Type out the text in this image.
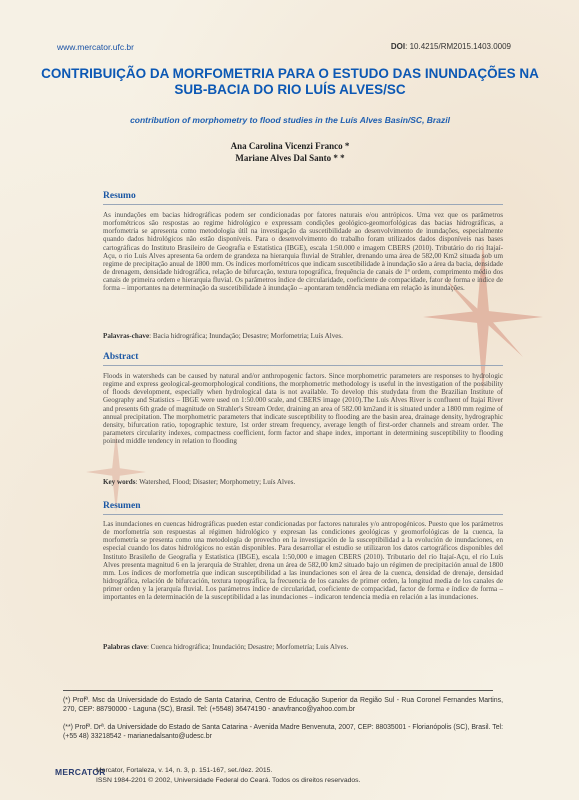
www.mercator.ufc.br	DOI: 10.4215/RM2015.1403.0009
CONTRIBUIÇÃO DA MORFOMETRIA PARA O ESTUDO DAS INUNDAÇÕES NA SUB-BACIA DO RIO LUÍS ALVES/SC
contribution of morphometry to flood studies in the Luís Alves Basin/SC, Brazil
Ana Carolina Vicenzi Franco *
Mariane Alves Dal Santo * *
Resumo

As inundações em bacias hidrográficas podem ser condicionadas por fatores naturais e/ou antrópicos. Uma vez que os parâmetros morfométricos são respostas ao regime hidrológico e expressam condições geológico-geomorfológicas das bacias hidrográficas, a morfometria se apresenta como metodologia útil na investigação da suscetibilidade ao desenvolvimento de inundações, especialmente quando dados hidrológicos não estão disponíveis. Para o desenvolvimento do trabalho foram utilizados dados disponíveis nas bases cartográficas do Instituto Brasileiro de Geografia e Estatística (IBGE), escala 1:50.000 e imagem CBERS (2010). Tributário do rio Itajaí-Açu, o rio Luís Alves apresenta 6a ordem de grandeza na hierarquia fluvial de Strahler, drenando uma área de 582,00 Km2 situada sob um regime de precipitação anual de 1800 mm. Os índices morfométricos que indicam suscetibilidade à inundação são a área da bacia, densidade de drenagem, densidade hidrográfica, relação de bifurcação, textura topográfica, frequência de canais de 1ª ordem, comprimento médio dos canais de primeira ordem e hierarquia fluvial. Os parâmetros índice de circularidade, coeficiente de compacidade, fator de forma e índice de forma – importantes na determinação da suscetibilidade à inundação – apontaram tendência mediana em relação às inundações.

Palavras-chave: Bacia hidrográfica; Inundação; Desastre; Morfometria; Luís Alves.
Abstract

Floods in watersheds can be caused by natural and/or anthropogenic factors. Since morphometric parameters are responses to hydrologic regime and express geological-geomorphological conditions, the morphometric methodology is useful in the investigation of the possibility of floods development, especially when hydrological data is not available. To develop this studydata from the Brazilian Institute of Geography and Statistics – IBGE were used on 1:50.000 scale, and CBERS image (2010).The Luís Alves River is confluent of Itajaí River and presents 6th grade of magnitude on Strahler's Stream Order, draining an area of 582.00 km2and it is situated under a 1800 mm regime of annual precipitation. The morphometric parameters that indicate susceptibility to flooding are the basin area, drainage density, hydrographic density, bifurcation ratio, topographic texture, 1st order stream frequency, average length of first-order channels and stream order. The parameters circularity indexes, compactness coefficient, form factor and shape index, important in determining susceptibility to flooding pointed middle tendency in relation to flooding

Key words: Watershed, Flood; Disaster; Morphometry; Luís Alves.
Resumen

Las inundaciones en cuencas hidrográficas pueden estar condicionadas por factores naturales y/o antropogénicos. Puesto que los parámetros de morfometría son respuestas al régimen hidrológico y expresan las condiciones geológicas y geomorfológicas de la cuenca, la morfometría se presenta como una metodología de provecho en la investigación de la susceptibilidad a la evolución de inundaciones, en especial cuando los datos hidrológicos no están disponibles. Para desarrollar el estudio se utilizaron los datos cartográficos disponibles del Instituto Brasileño de Geografía y Estatística (IBGE), escala 1:50,000 e imagen CBERS (2010). Tributario del río Itajaí-Açu, el río Luís Alves presenta magnitud 6 en la jerarquía de Strahler, drena un área de 582,00 km2 situado bajo un régimen de precipitación anual de 1800 mm. Los índices de morfometría que indican susceptibilidad a las inundaciones son el área de la cuenca, densidad de drenaje, densidad hidrográfica, relación de bifurcación, textura topográfica, la frecuencia de los canales de primer orden, la longitud media de los canales de primer orden y la jerarquía fluvial. Los parámetros índice de circularidad, coeficiente de compacidad, factor de forma e índice de forma – importantes en la determinación de la susceptibilidad a las inundaciones – indicaron tendencia media en relación a las inundaciones.

Palabras clave: Cuenca hidrográfica; Inundación; Desastre; Morfometría; Luis Alves.

(*) Profª. Msc da Universidade do Estado de Santa Catarina, Centro de Educação Superior da Região Sul - Rua Coronel Fernandes Martins, 270, CEP: 88790000 - Laguna (SC), Brasil. Tel: (+5548) 36474190 - anavfranco@yahoo.com.br

(**) Profª. Drª. da Universidade do Estado de Santa Catarina - Avenida Madre Benvenuta, 2007, CEP: 88035001 - Florianópolis (SC), Brasil. Tel: (+55 48) 33218542 - marianedalsanto@udesc.br

MERCATOR
Mercator, Fortaleza, v. 14, n. 3, p. 151-167, set./dez. 2015.
ISSN 1984-2201 © 2002, Universidade Federal do Ceará. Todos os direitos reservados.
